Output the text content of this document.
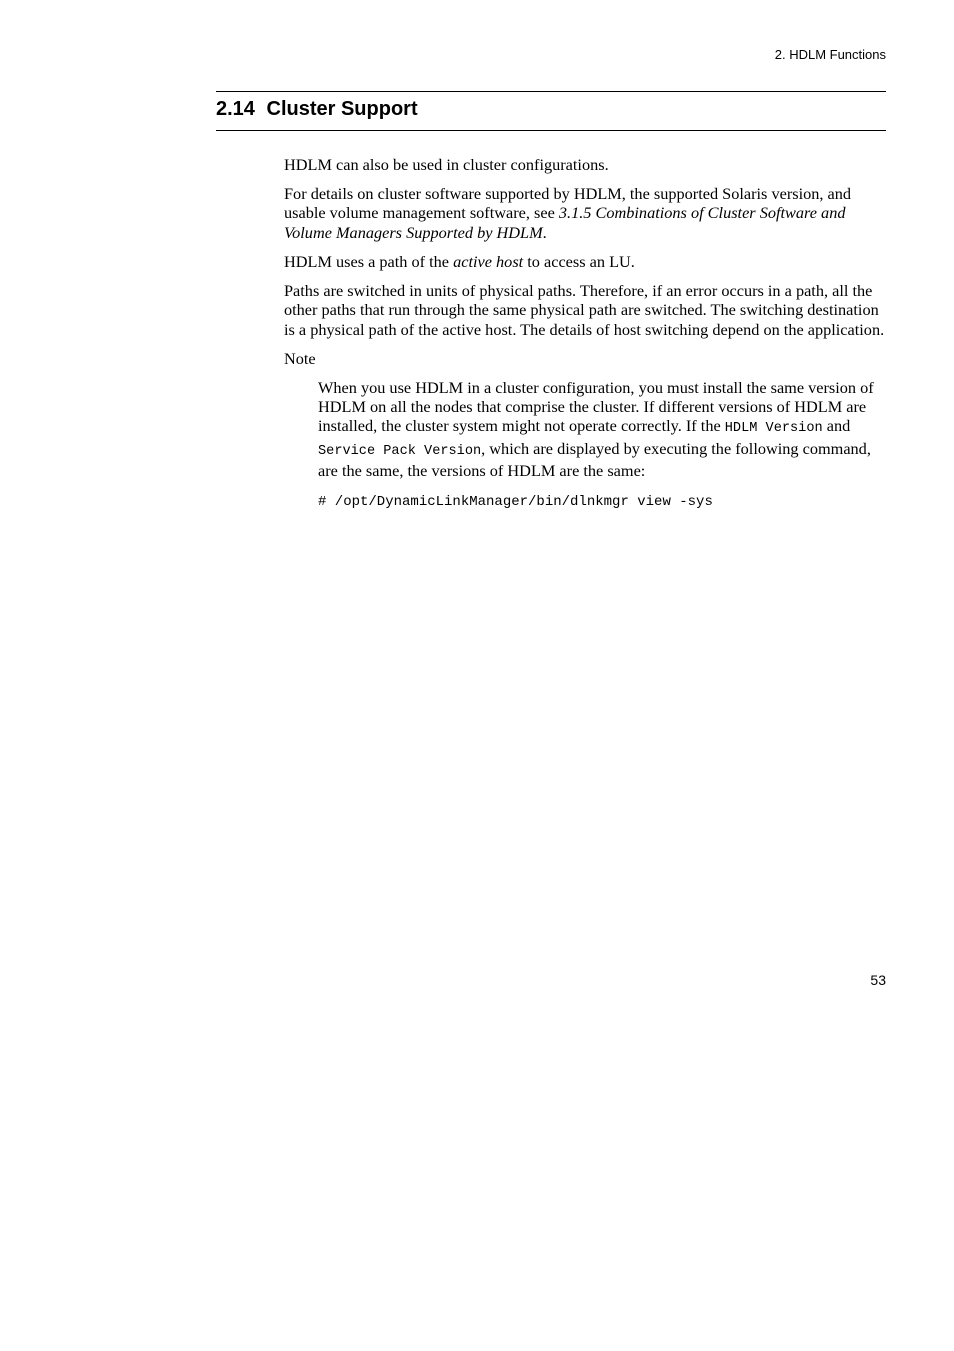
2. HDLM Functions
2.14 Cluster Support

HDLM can also be used in cluster configurations.

For details on cluster software supported by HDLM, the supported Solaris version, and usable volume management software, see 3.1.5 Combinations of Cluster Software and Volume Managers Supported by HDLM.

HDLM uses a path of the active host to access an LU.

Paths are switched in units of physical paths. Therefore, if an error occurs in a path, all the other paths that run through the same physical path are switched. The switching destination is a physical path of the active host. The details of host switching depend on the application.

Note

When you use HDLM in a cluster configuration, you must install the same version of HDLM on all the nodes that comprise the cluster. If different versions of HDLM are installed, the cluster system might not operate correctly. If the HDLM Version and Service Pack Version, which are displayed by executing the following command, are the same, the versions of HDLM are the same:

# /opt/DynamicLinkManager/bin/dlnkmgr view -sys
53
